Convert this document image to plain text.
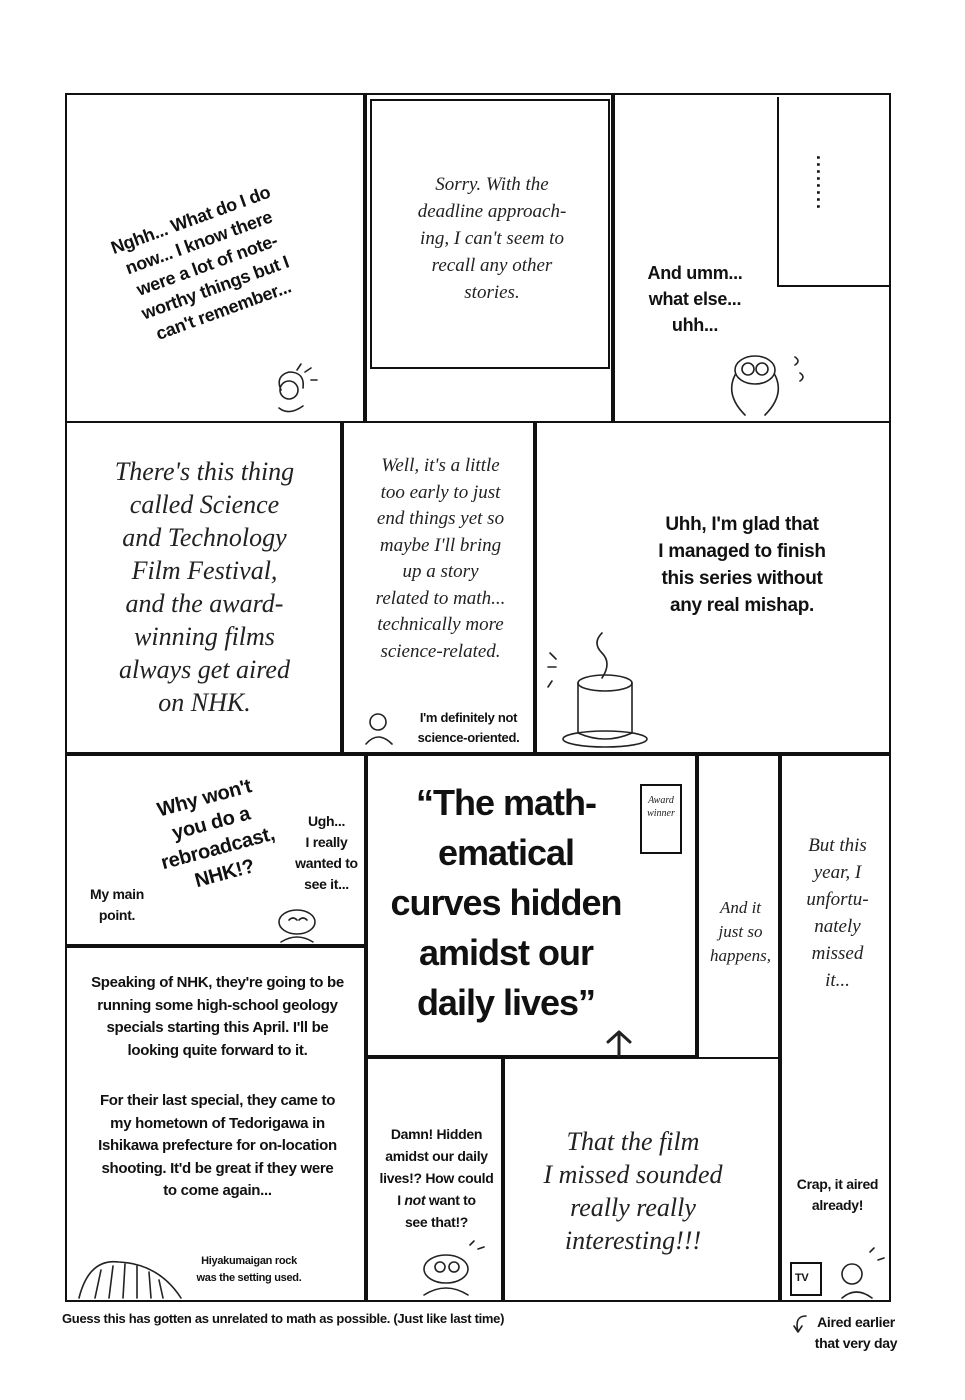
Nghh... What do I do
now... I know there
were a lot of note-
worthy things but I
can't remember...

Sorry. With the
deadline approach-
ing, I can't seem to
recall any other
stories.

........

And umm...
what else...
uhh...

There's this thing
called Science
and Technology
Film Festival,
and the award-
winning films
always get aired
on NHK.

Well, it's a little
too early to just
end things yet so
maybe I'll bring
up a story
related to math...
technically more
science-related.

I'm definitely not
science-oriented.

Uhh, I'm glad that
I managed to finish
this series without
any real mishap.

Why won't
you do a
rebroadcast,
NHK!?

Ugh...
I really
wanted to
see it...

My main
point.

Speaking of NHK, they're going to be
running some high-school geology
specials starting this April. I'll be
looking quite forward to it.

For their last special, they came to
my hometown of Tedorigawa in
Ishikawa prefecture for on-location
shooting. It'd be great if they were
to come again...

Hiyakumaigan rock
was the setting used.

“The math-
ematical
curves hidden
amidst our
daily lives”

Award
winner

Damn! Hidden
amidst our daily
lives!? How could
I not want to
see that!?

That the film
I missed sounded
really really
interesting!!!

And it
just so
happens,

But this
year, I
unfortu-
nately
missed
it...

Crap, it aired
already!

TV

Guess this has gotten as unrelated to math as possible. (Just like last time)	Aired earlier
that very day
